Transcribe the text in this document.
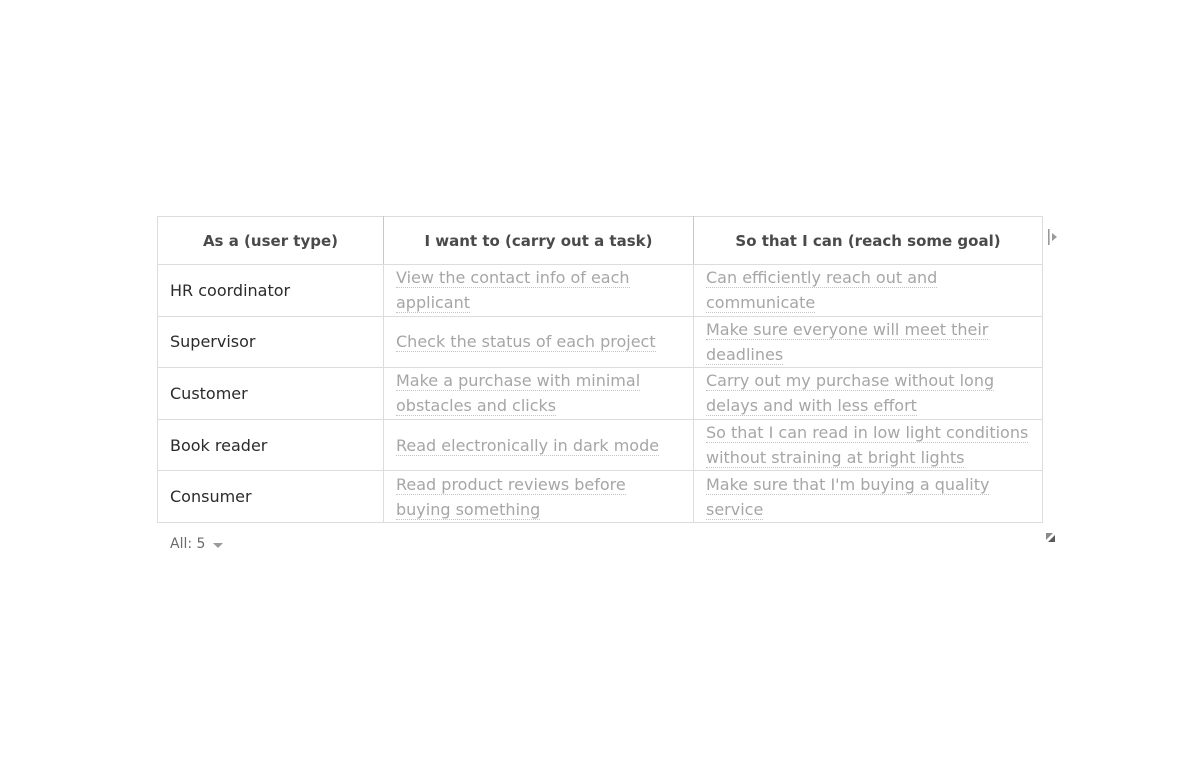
As a (user type)	I want to (carry out a task)	So that I can (reach some goal)
HR coordinator	View the contact info of each applicant	Can efficiently reach out and communicate
Supervisor	Check the status of each project	Make sure everyone will meet their deadlines
Customer	Make a purchase with minimal obstacles and clicks	Carry out my purchase without long delays and with less effort
Book reader	Read electronically in dark mode	So that I can read in low light conditions without straining at bright lights
Consumer	Read product reviews before buying something	Make sure that I'm buying a quality service
All: 5
